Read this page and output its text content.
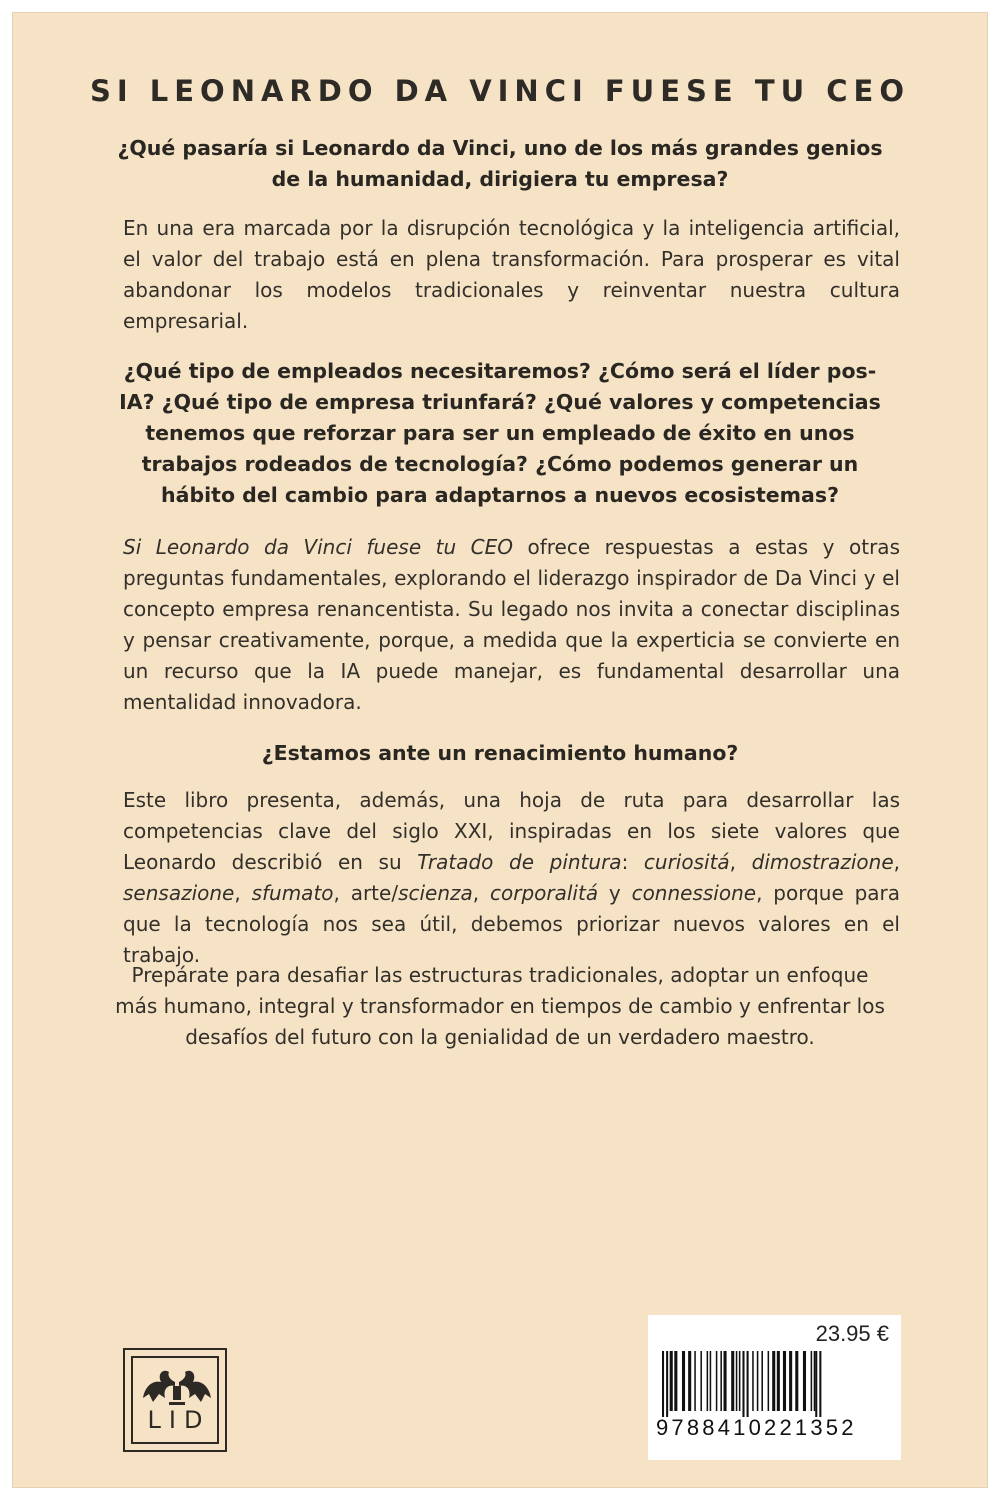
SI LEONARDO DA VINCI FUESE TU CEO

¿Qué pasaría si Leonardo da Vinci, uno de los más grandes genios de la humanidad, dirigiera tu empresa?

En una era marcada por la disrupción tecnológica y la inteligencia artificial, el valor del trabajo está en plena transformación. Para prosperar es vital abandonar los modelos tradicionales y reinventar nuestra cultura empresarial.

¿Qué tipo de empleados necesitaremos? ¿Cómo será el líder pos-IA? ¿Qué tipo de empresa triunfará? ¿Qué valores y competencias tenemos que reforzar para ser un empleado de éxito en unos trabajos rodeados de tecnología? ¿Cómo podemos generar un hábito del cambio para adaptarnos a nuevos ecosistemas?

Si Leonardo da Vinci fuese tu CEO ofrece respuestas a estas y otras preguntas fundamentales, explorando el liderazgo inspirador de Da Vinci y el concepto empresa renancentista. Su legado nos invita a conectar disciplinas y pensar creativamente, porque, a medida que la experticia se convierte en un recurso que la IA puede manejar, es fundamental desarrollar una mentalidad innovadora.

¿Estamos ante un renacimiento humano?

Este libro presenta, además, una hoja de ruta para desarrollar las competencias clave del siglo XXI, inspiradas en los siete valores que Leonardo describió en su Tratado de pintura: curiositá, dimostrazione, sensazione, sfumato, arte/scienza, corporalitá y connessione, porque para que la tecnología nos sea útil, debemos priorizar nuevos valores en el trabajo.

Prepárate para desafiar las estructuras tradicionales, adoptar un enfoque más humano, integral y transformador en tiempos de cambio y enfrentar los desafíos del futuro con la genialidad de un verdadero maestro.

LID
23.95 €
9788410221352
